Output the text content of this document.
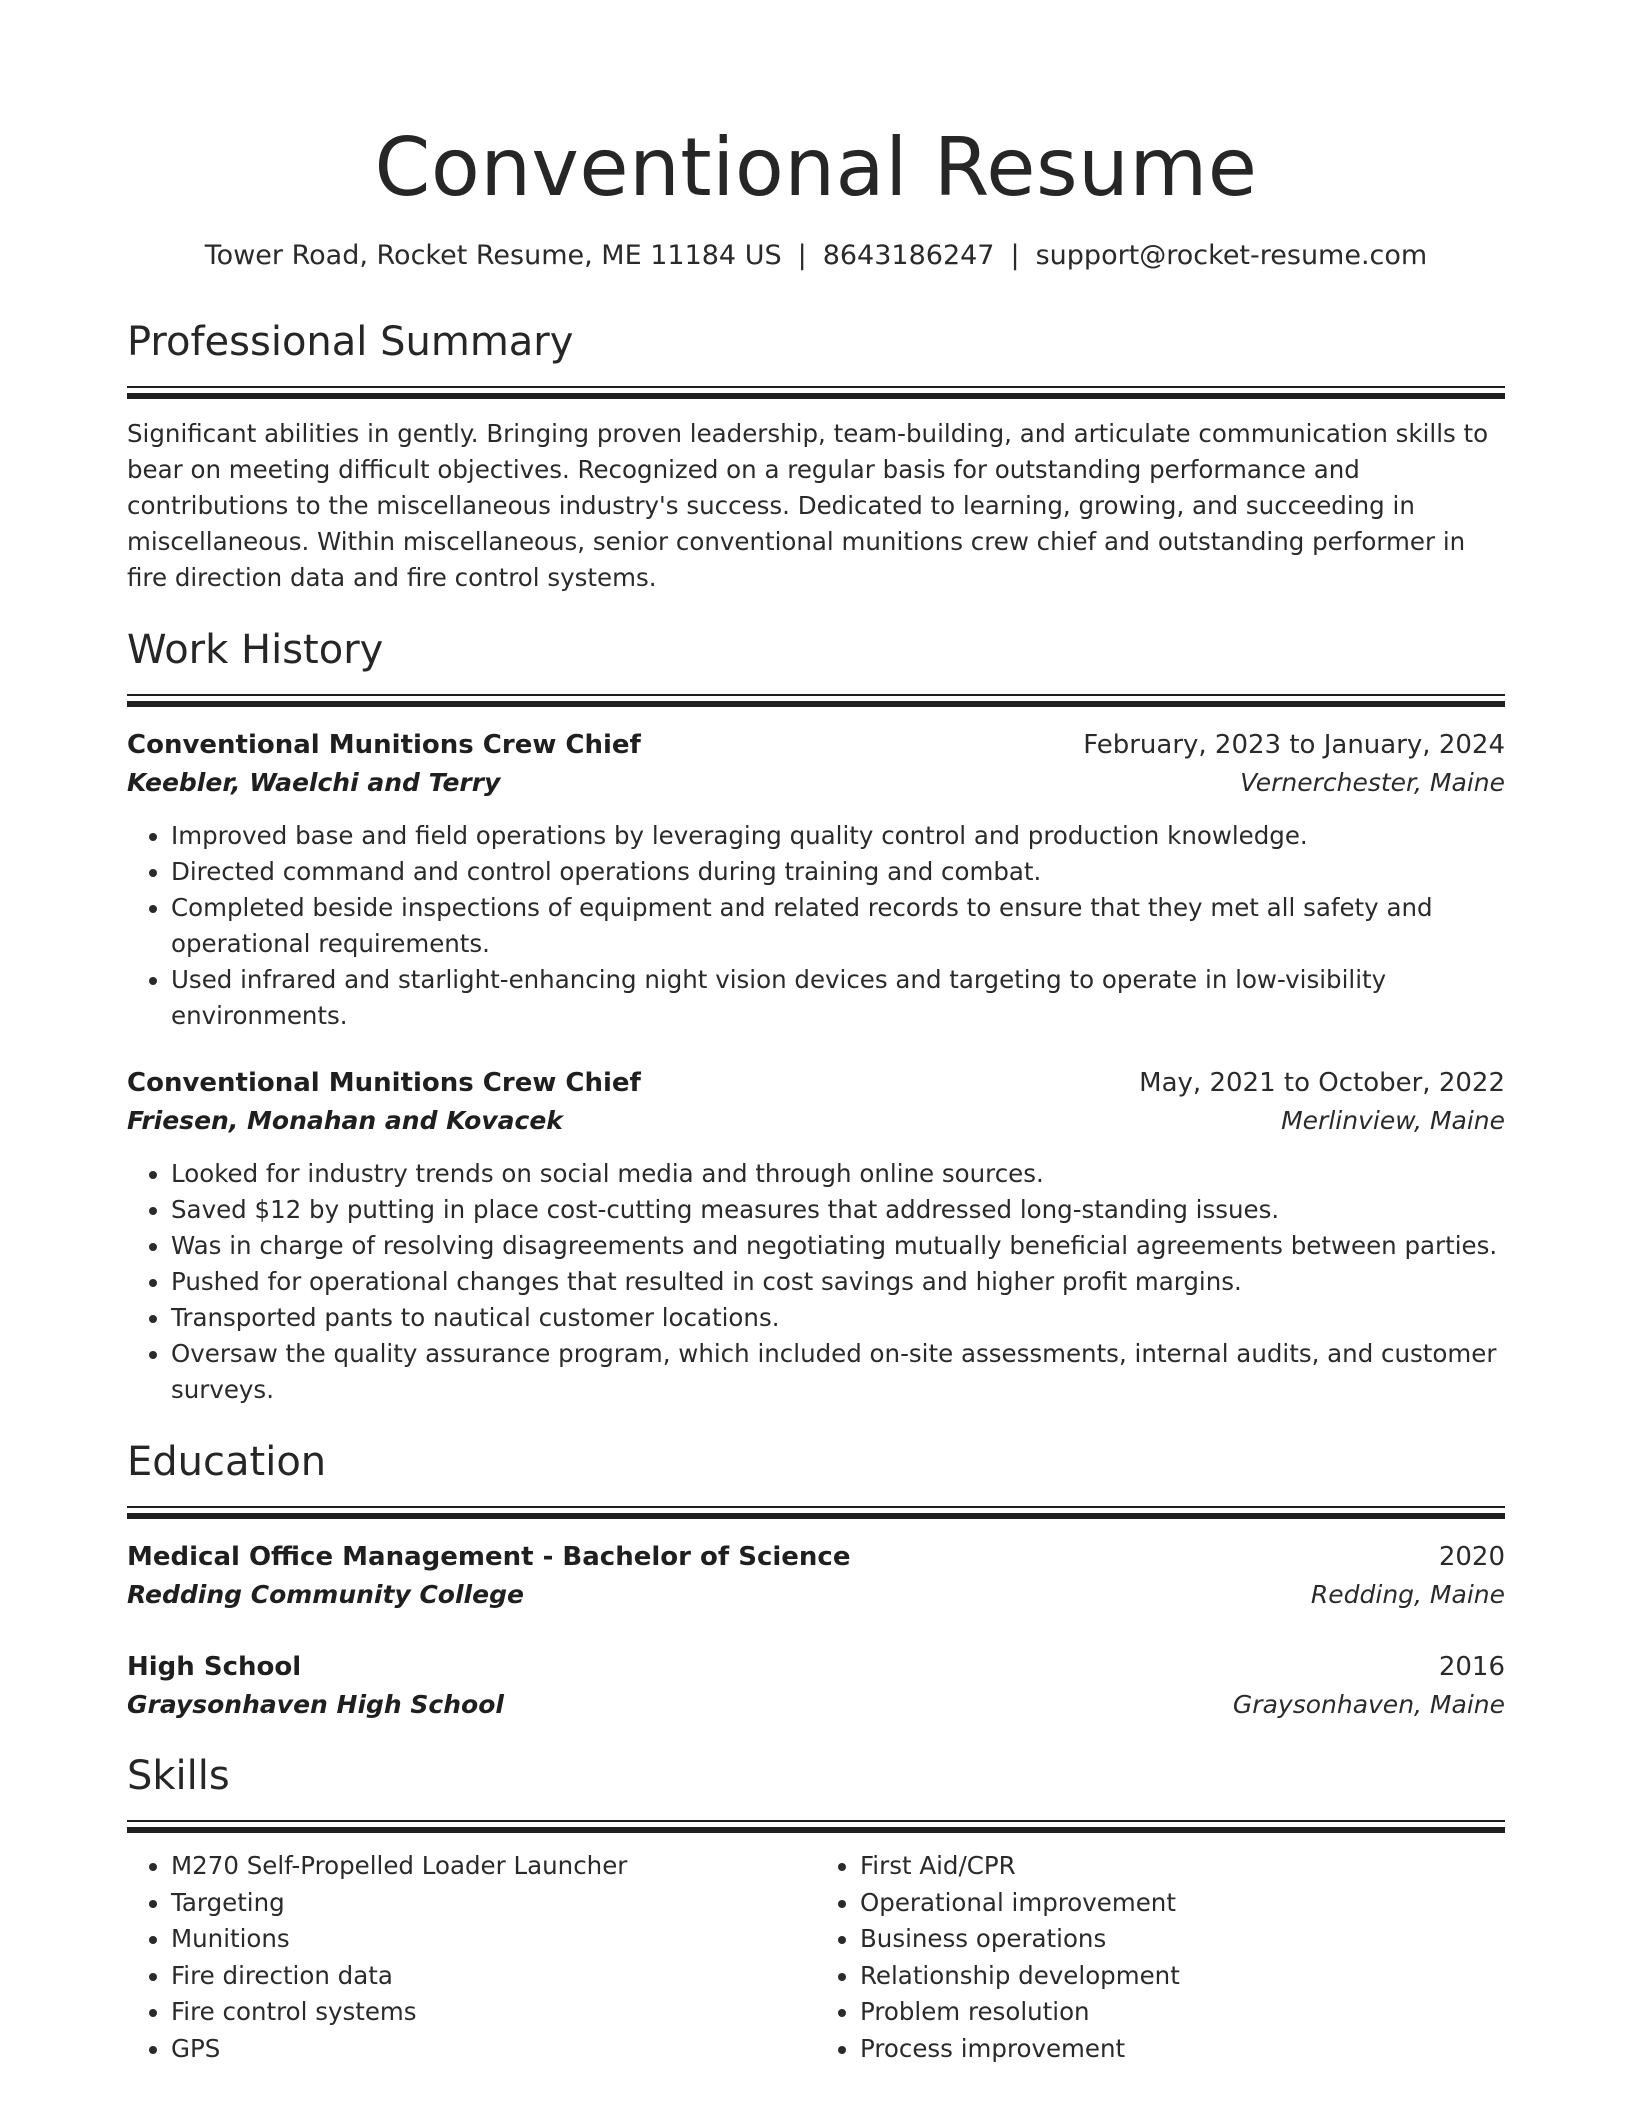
Conventional Resume
Tower Road, Rocket Resume, ME 11184 US | 8643186247 | support@rocket-resume.com
Professional Summary
Significant abilities in gently. Bringing proven leadership, team-building, and articulate communication skills to bear on meeting difficult objectives. Recognized on a regular basis for outstanding performance and contributions to the miscellaneous industry's success. Dedicated to learning, growing, and succeeding in miscellaneous. Within miscellaneous, senior conventional munitions crew chief and outstanding performer in fire direction data and fire control systems.
Work History
Conventional Munitions Crew Chief	February, 2023 to January, 2024
Keebler, Waelchi and Terry	Vernerchester, Maine
• Improved base and field operations by leveraging quality control and production knowledge.
• Directed command and control operations during training and combat.
• Completed beside inspections of equipment and related records to ensure that they met all safety and operational requirements.
• Used infrared and starlight-enhancing night vision devices and targeting to operate in low-visibility environments.
Conventional Munitions Crew Chief	May, 2021 to October, 2022
Friesen, Monahan and Kovacek	Merlinview, Maine
• Looked for industry trends on social media and through online sources.
• Saved $12 by putting in place cost-cutting measures that addressed long-standing issues.
• Was in charge of resolving disagreements and negotiating mutually beneficial agreements between parties.
• Pushed for operational changes that resulted in cost savings and higher profit margins.
• Transported pants to nautical customer locations.
• Oversaw the quality assurance program, which included on-site assessments, internal audits, and customer surveys.
Education
Medical Office Management - Bachelor of Science	2020
Redding Community College	Redding, Maine
High School	2016
Graysonhaven High School	Graysonhaven, Maine
Skills
• M270 Self-Propelled Loader Launcher
• Targeting
• Munitions
• Fire direction data
• Fire control systems
• GPS
• First Aid/CPR
• Operational improvement
• Business operations
• Relationship development
• Problem resolution
• Process improvement
